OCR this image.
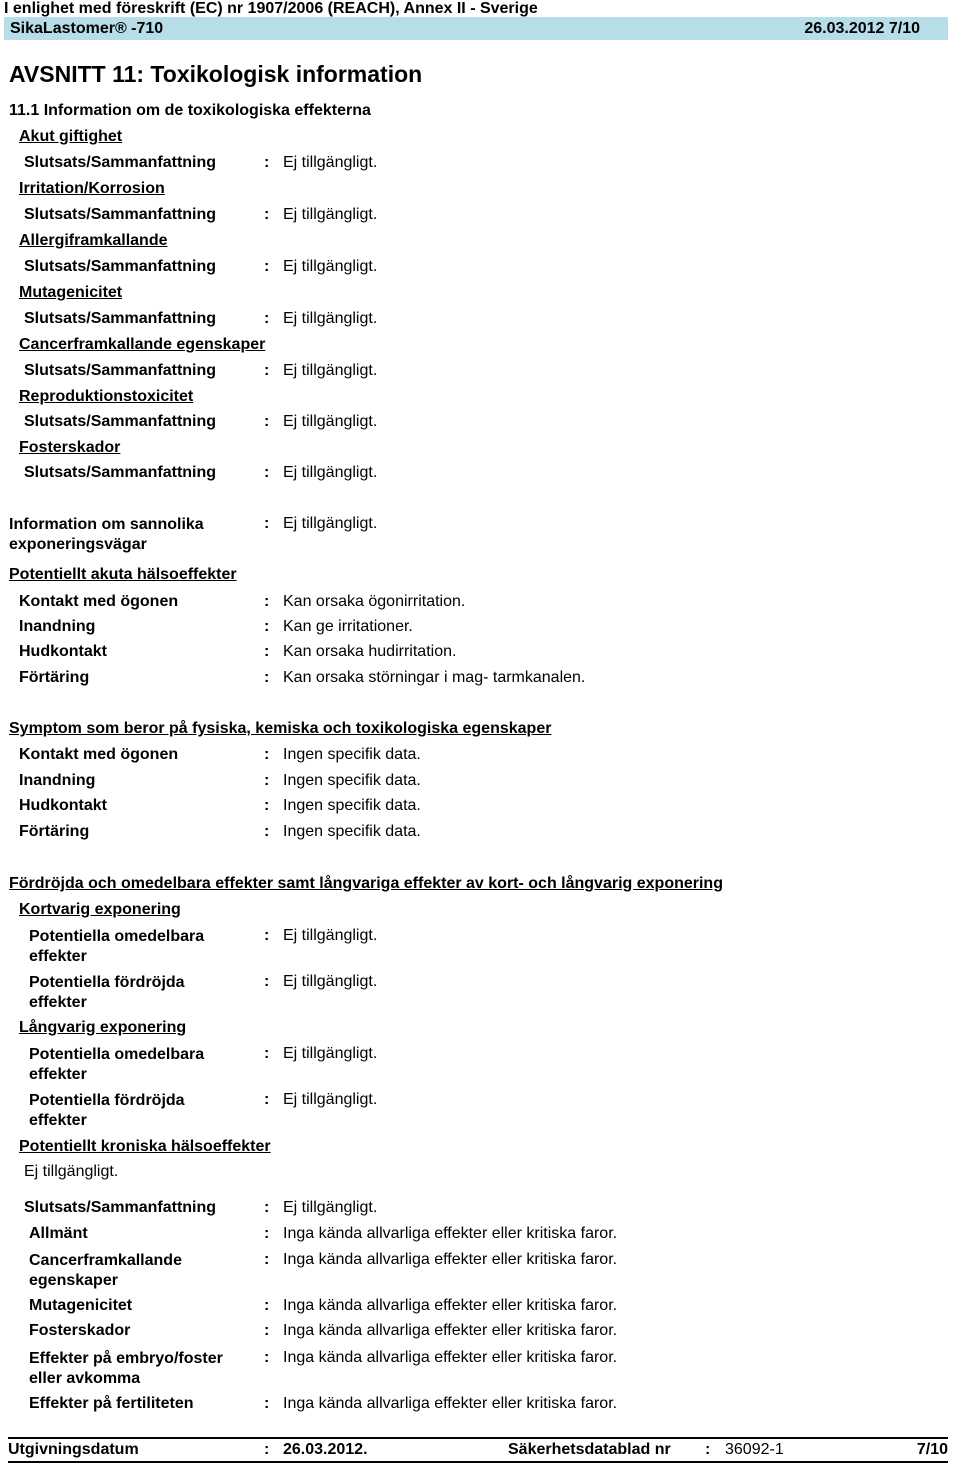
I enlighet med föreskrift (EC) nr 1907/2006 (REACH), Annex II - Sverige
SikaLastomer® -710	26.03.2012 7/10
AVSNITT 11: Toxikologisk information
11.1 Information om de toxikologiska effekterna
Akut giftighet
Slutsats/Sammanfattning	: Ej tillgängligt.
Irritation/Korrosion
Slutsats/Sammanfattning	: Ej tillgängligt.
Allergiframkallande
Slutsats/Sammanfattning	: Ej tillgängligt.
Mutagenicitet
Slutsats/Sammanfattning	: Ej tillgängligt.
Cancerframkallande egenskaper
Slutsats/Sammanfattning	: Ej tillgängligt.
Reproduktionstoxicitet
Slutsats/Sammanfattning	: Ej tillgängligt.
Fosterskador
Slutsats/Sammanfattning	: Ej tillgängligt.
Information om sannolika
exponeringsvägar
: Ej tillgängligt.
Potentiellt akuta hälsoeffekter
Kontakt med ögonen	: Kan orsaka ögonirritation.
Inandning	: Kan ge irritationer.
Hudkontakt	: Kan orsaka hudirritation.
Förtäring	: Kan orsaka störningar i mag- tarmkanalen.
Symptom som beror på fysiska, kemiska och toxikologiska egenskaper
Kontakt med ögonen	: Ingen specifik data.
Inandning	: Ingen specifik data.
Hudkontakt	: Ingen specifik data.
Förtäring	: Ingen specifik data.
Fördröjda och omedelbara effekter samt långvariga effekter av kort- och långvarig exponering
Kortvarig exponering
Potentiella omedelbara
effekter
: Ej tillgängligt.
Potentiella fördröjda
effekter
: Ej tillgängligt.
Långvarig exponering
Potentiella omedelbara
effekter
: Ej tillgängligt.
Potentiella fördröjda
effekter
: Ej tillgängligt.
Potentiellt kroniska hälsoeffekter
Ej tillgängligt.
Slutsats/Sammanfattning	: Ej tillgängligt.
Allmänt	: Inga kända allvarliga effekter eller kritiska faror.
Cancerframkallande
egenskaper
: Inga kända allvarliga effekter eller kritiska faror.
Mutagenicitet	: Inga kända allvarliga effekter eller kritiska faror.
Fosterskador	: Inga kända allvarliga effekter eller kritiska faror.
Effekter på embryo/foster
eller avkomma
: Inga kända allvarliga effekter eller kritiska faror.
Effekter på fertiliteten	: Inga kända allvarliga effekter eller kritiska faror.
Utgivningsdatum	: 26.03.2012.	Säkerhetsdatablad nr : 36092-1	7/10
